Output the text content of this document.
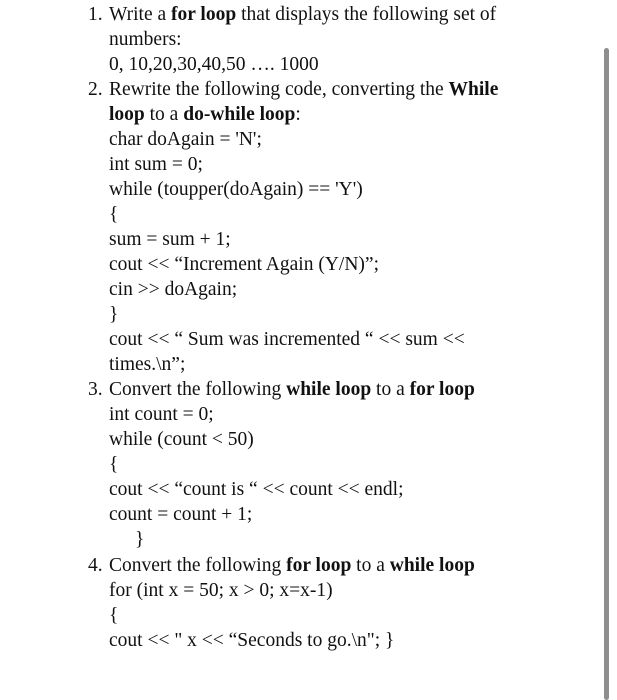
1. Write a for loop that displays the following set of
numbers:
0, 10,20,30,40,50 …. 1000
2. Rewrite the following code, converting the While
loop to a do-while loop:
char doAgain = 'N';
int sum = 0;
while (toupper(doAgain) == 'Y')
{
sum = sum + 1;
cout << “Increment Again (Y/N)”;
cin >> doAgain;
}
cout << “ Sum was incremented “ << sum <<
times.\n”;
3. Convert the following while loop to a for loop
int count = 0;
while (count < 50)
{
cout << “count is “ << count << endl;
count = count + 1;
}
4. Convert the following for loop to a while loop
for (int x = 50; x > 0; x=x-1)
{
cout << " x << “Seconds to go.\n"; }
